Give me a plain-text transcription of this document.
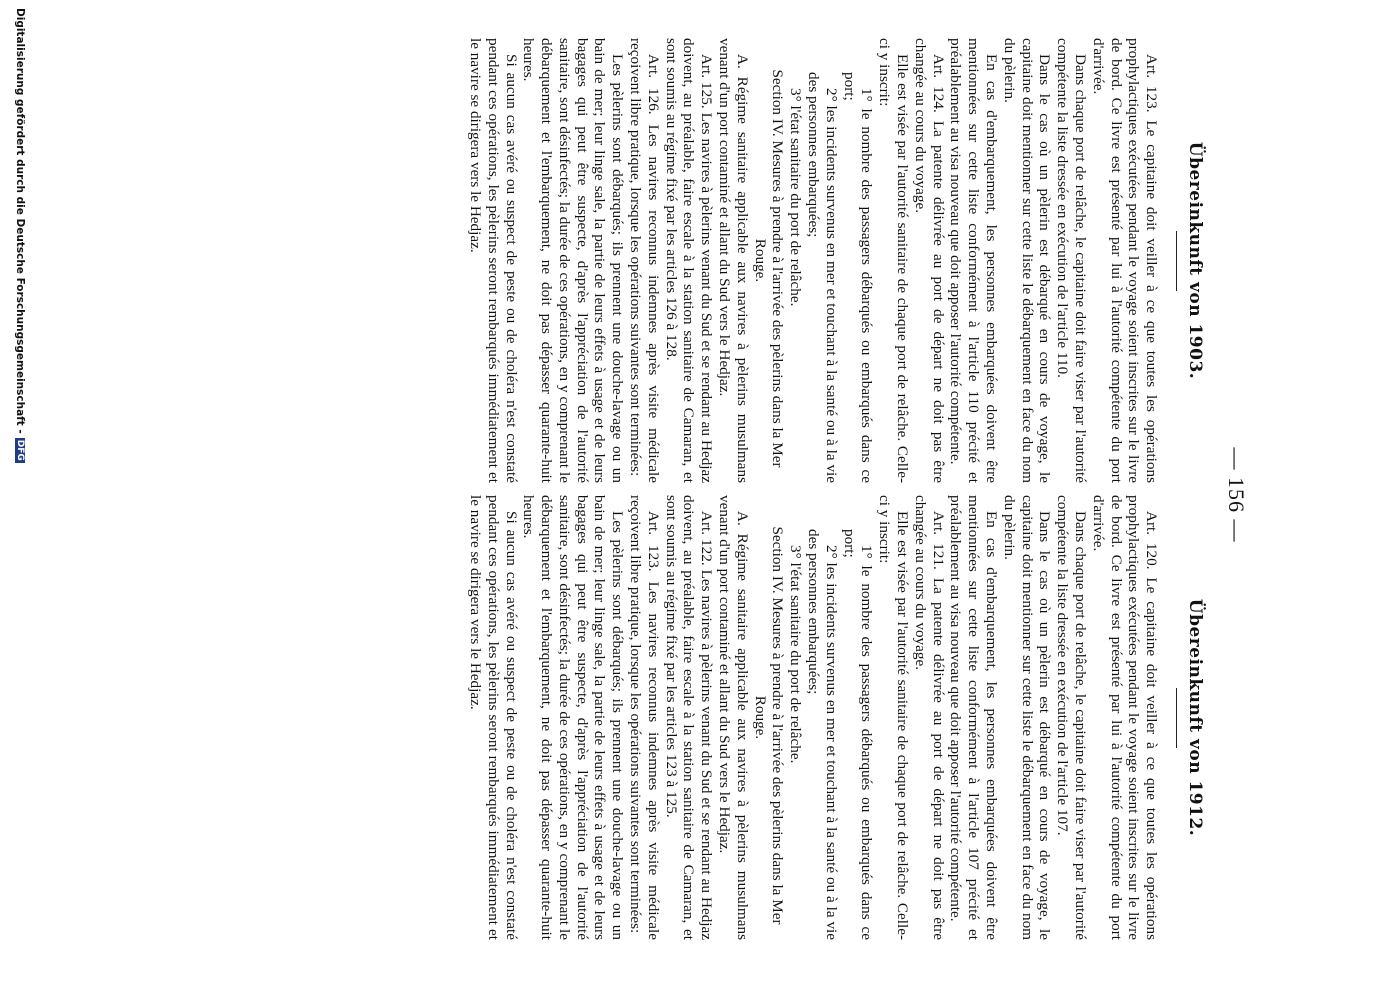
— 156 —
Übereinkunft von 1903.

Art. 123. Le capitaine doit veiller à ce que toutes les opérations prophylactiques exécutées pendant le voyage soient inscrites sur le livre de bord. Ce livre est présenté par lui à l'autorité compétente du port d'arrivée.

Dans chaque port de relâche, le capitaine doit faire viser par l'autorité compétente la liste dressée en exécution de l'article 110.

Dans le cas où un pèlerin est débarqué en cours de voyage, le capitaine doit mentionner sur cette liste le débarquement en face du nom du pèlerin.

En cas d'embarquement, les personnes embarquées doivent être mentionnées sur cette liste conformément à l'article 110 précité et préalablement au visa nouveau que doit apposer l'autorité compétente.

Art. 124. La patente délivrée au port de départ ne doit pas être changée au cours du voyage.

Elle est visée par l'autorité sanitaire de chaque port de relâche. Celle-ci y inscrit:

1° le nombre des passagers débarqués ou embarqués dans ce port;

2° les incidents survenus en mer et touchant à la santé ou à la vie des personnes embarquées;

3° l'état sanitaire du port de relâche.

Section IV. Mesures à prendre à l'arrivée des pèlerins dans la Mer Rouge.

A. Régime sanitaire applicable aux navires à pèlerins musulmans venant d'un port contaminé et allant du Sud vers le Hedjaz.

Art. 125. Les navires à pèlerins venant du Sud et se rendant au Hedjaz doivent, au préalable, faire escale à la station sanitaire de Camaran, et sont soumis au régime fixé par les articles 126 à 128.

Art. 126. Les navires reconnus indemnes après visite médicale reçoivent libre pratique, lorsque les opérations suivantes sont terminées:

Les pèlerins sont débarqués; ils prennent une douche-lavage ou un bain de mer; leur linge sale, la partie de leurs effets à usage et de leurs bagages qui peut être suspecte, d'après l'appréciation de l'autorité sanitaire, sont désinfectés; la durée de ces opérations, en y comprenant le débarquement et l'embarquement, ne doit pas dépasser quarante-huit heures.

Si aucun cas avéré ou suspect de peste ou de choléra n'est constaté pendant ces opérations, les pèlerins seront rembarqués immédiatement et le navire se dirigera vers le Hedjaz.

Übereinkunft von 1912.

Art. 120. Le capitaine doit veiller à ce que toutes les opérations prophylactiques exécutées pendant le voyage soient inscrites sur le livre de bord. Ce livre est présenté par lui à l'autorité compétente du port d'arrivée.

Dans chaque port de relâche, le capitaine doit faire viser par l'autorité compétente la liste dressée en exécution de l'article 107.

Dans le cas où un pèlerin est débarqué en cours de voyage, le capitaine doit mentionner sur cette liste le débarquement en face du nom du pèlerin.

En cas d'embarquement, les personnes embarquées doivent être mentionnées sur cette liste conformément à l'article 107 précité et préalablement au visa nouveau que doit apposer l'autorité compétente.

Art. 121. La patente délivrée au port de départ ne doit pas être changée au cours du voyage.

Elle est visée par l'autorité sanitaire de chaque port de relâche. Celle-ci y inscrit:

1° le nombre des passagers débarqués ou embarqués dans ce port;

2° les incidents survenus en mer et touchant à la santé ou à la vie des personnes embarquées;

3° l'état sanitaire du port de relâche.

Section IV. Mesures à prendre à l'arrivée des pèlerins dans la Mer Rouge.

A. Régime sanitaire applicable aux navires à pèlerins musulmans venant d'un port contaminé et allant du Sud vers le Hedjaz.

Art. 122. Les navires à pèlerins venant du Sud et se rendant au Hedjaz doivent, au préalable, faire escale à la station sanitaire de Camaran, et sont soumis au régime fixé par les articles 123 à 125.

Art. 123. Les navires reconnus indemnes après visite médicale reçoivent libre pratique, lorsque les opérations suivantes sont terminées:

Les pèlerins sont débarqués; ils prennent une douche-lavage ou un bain de mer; leur linge sale, la partie de leurs effets à usage et de leurs bagages qui peut être suspecte, d'après l'appréciation de l'autorité sanitaire, sont désinfectés; la durée de ces opérations, en y comprenant le débarquement et l'embarquement, ne doit pas dépasser quarante-huit heures.

Si aucun cas avéré ou suspect de peste ou de choléra n'est constaté pendant ces opérations, les pèlerins seront rembarqués immédiatement et le navire se dirigera vers le Hedjaz.

Digitalisierung gefördert durch die Deutsche Forschungsgemeinschaft -DFG
